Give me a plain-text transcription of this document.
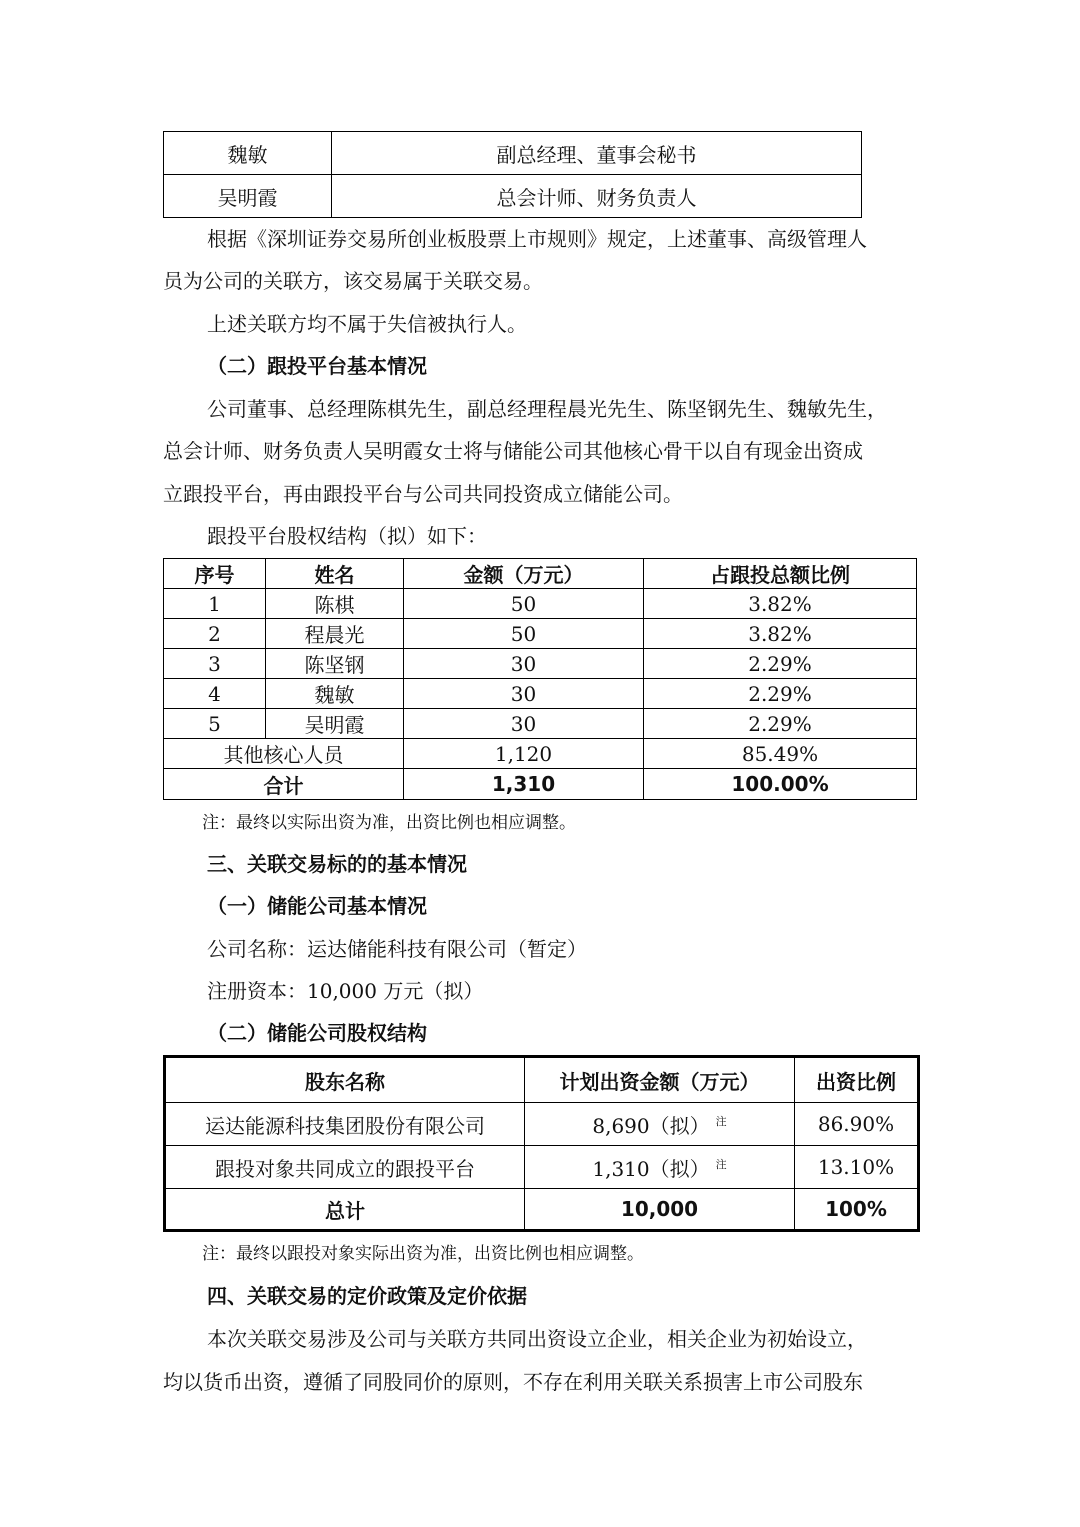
魏敏	副总经理、董事会秘书
吴明霞	总会计师、财务负责人

根据《深圳证券交易所创业板股票上市规则》规定，上述董事、高级管理人

员为公司的关联方，该交易属于关联交易。

上述关联方均不属于失信被执行人。

（二）跟投平台基本情况

公司董事、总经理陈棋先生，副总经理程晨光先生、陈坚钢先生、魏敏先生，

总会计师、财务负责人吴明霞女士将与储能公司其他核心骨干以自有现金出资成

立跟投平台，再由跟投平台与公司共同投资成立储能公司。

跟投平台股权结构（拟）如下：

序号	姓名	金额（万元）	占跟投总额比例
1	陈棋	50	3.82%
2	程晨光	50	3.82%
3	陈坚钢	30	2.29%
4	魏敏	30	2.29%
5	吴明霞	30	2.29%
其他核心人员		1,120	85.49%
合计		1,310	100.00%

注：最终以实际出资为准，出资比例也相应调整。

三、关联交易标的的基本情况

（一）储能公司基本情况

公司名称：运达储能科技有限公司（暂定）

注册资本：10,000 万元（拟）

（二）储能公司股权结构

股东名称	计划出资金额（万元）	出资比例
运达能源科技集团股份有限公司	8,690（拟） $^注$	86.90%
跟投对象共同成立的跟投平台	1,310（拟） $^注$	13.10%
总计	10,000	100%

注：最终以跟投对象实际出资为准，出资比例也相应调整。

四、关联交易的定价政策及定价依据

本次关联交易涉及公司与关联方共同出资设立企业，相关企业为初始设立，

均以货币出资，遵循了同股同价的原则，不存在利用关联关系损害上市公司股东
